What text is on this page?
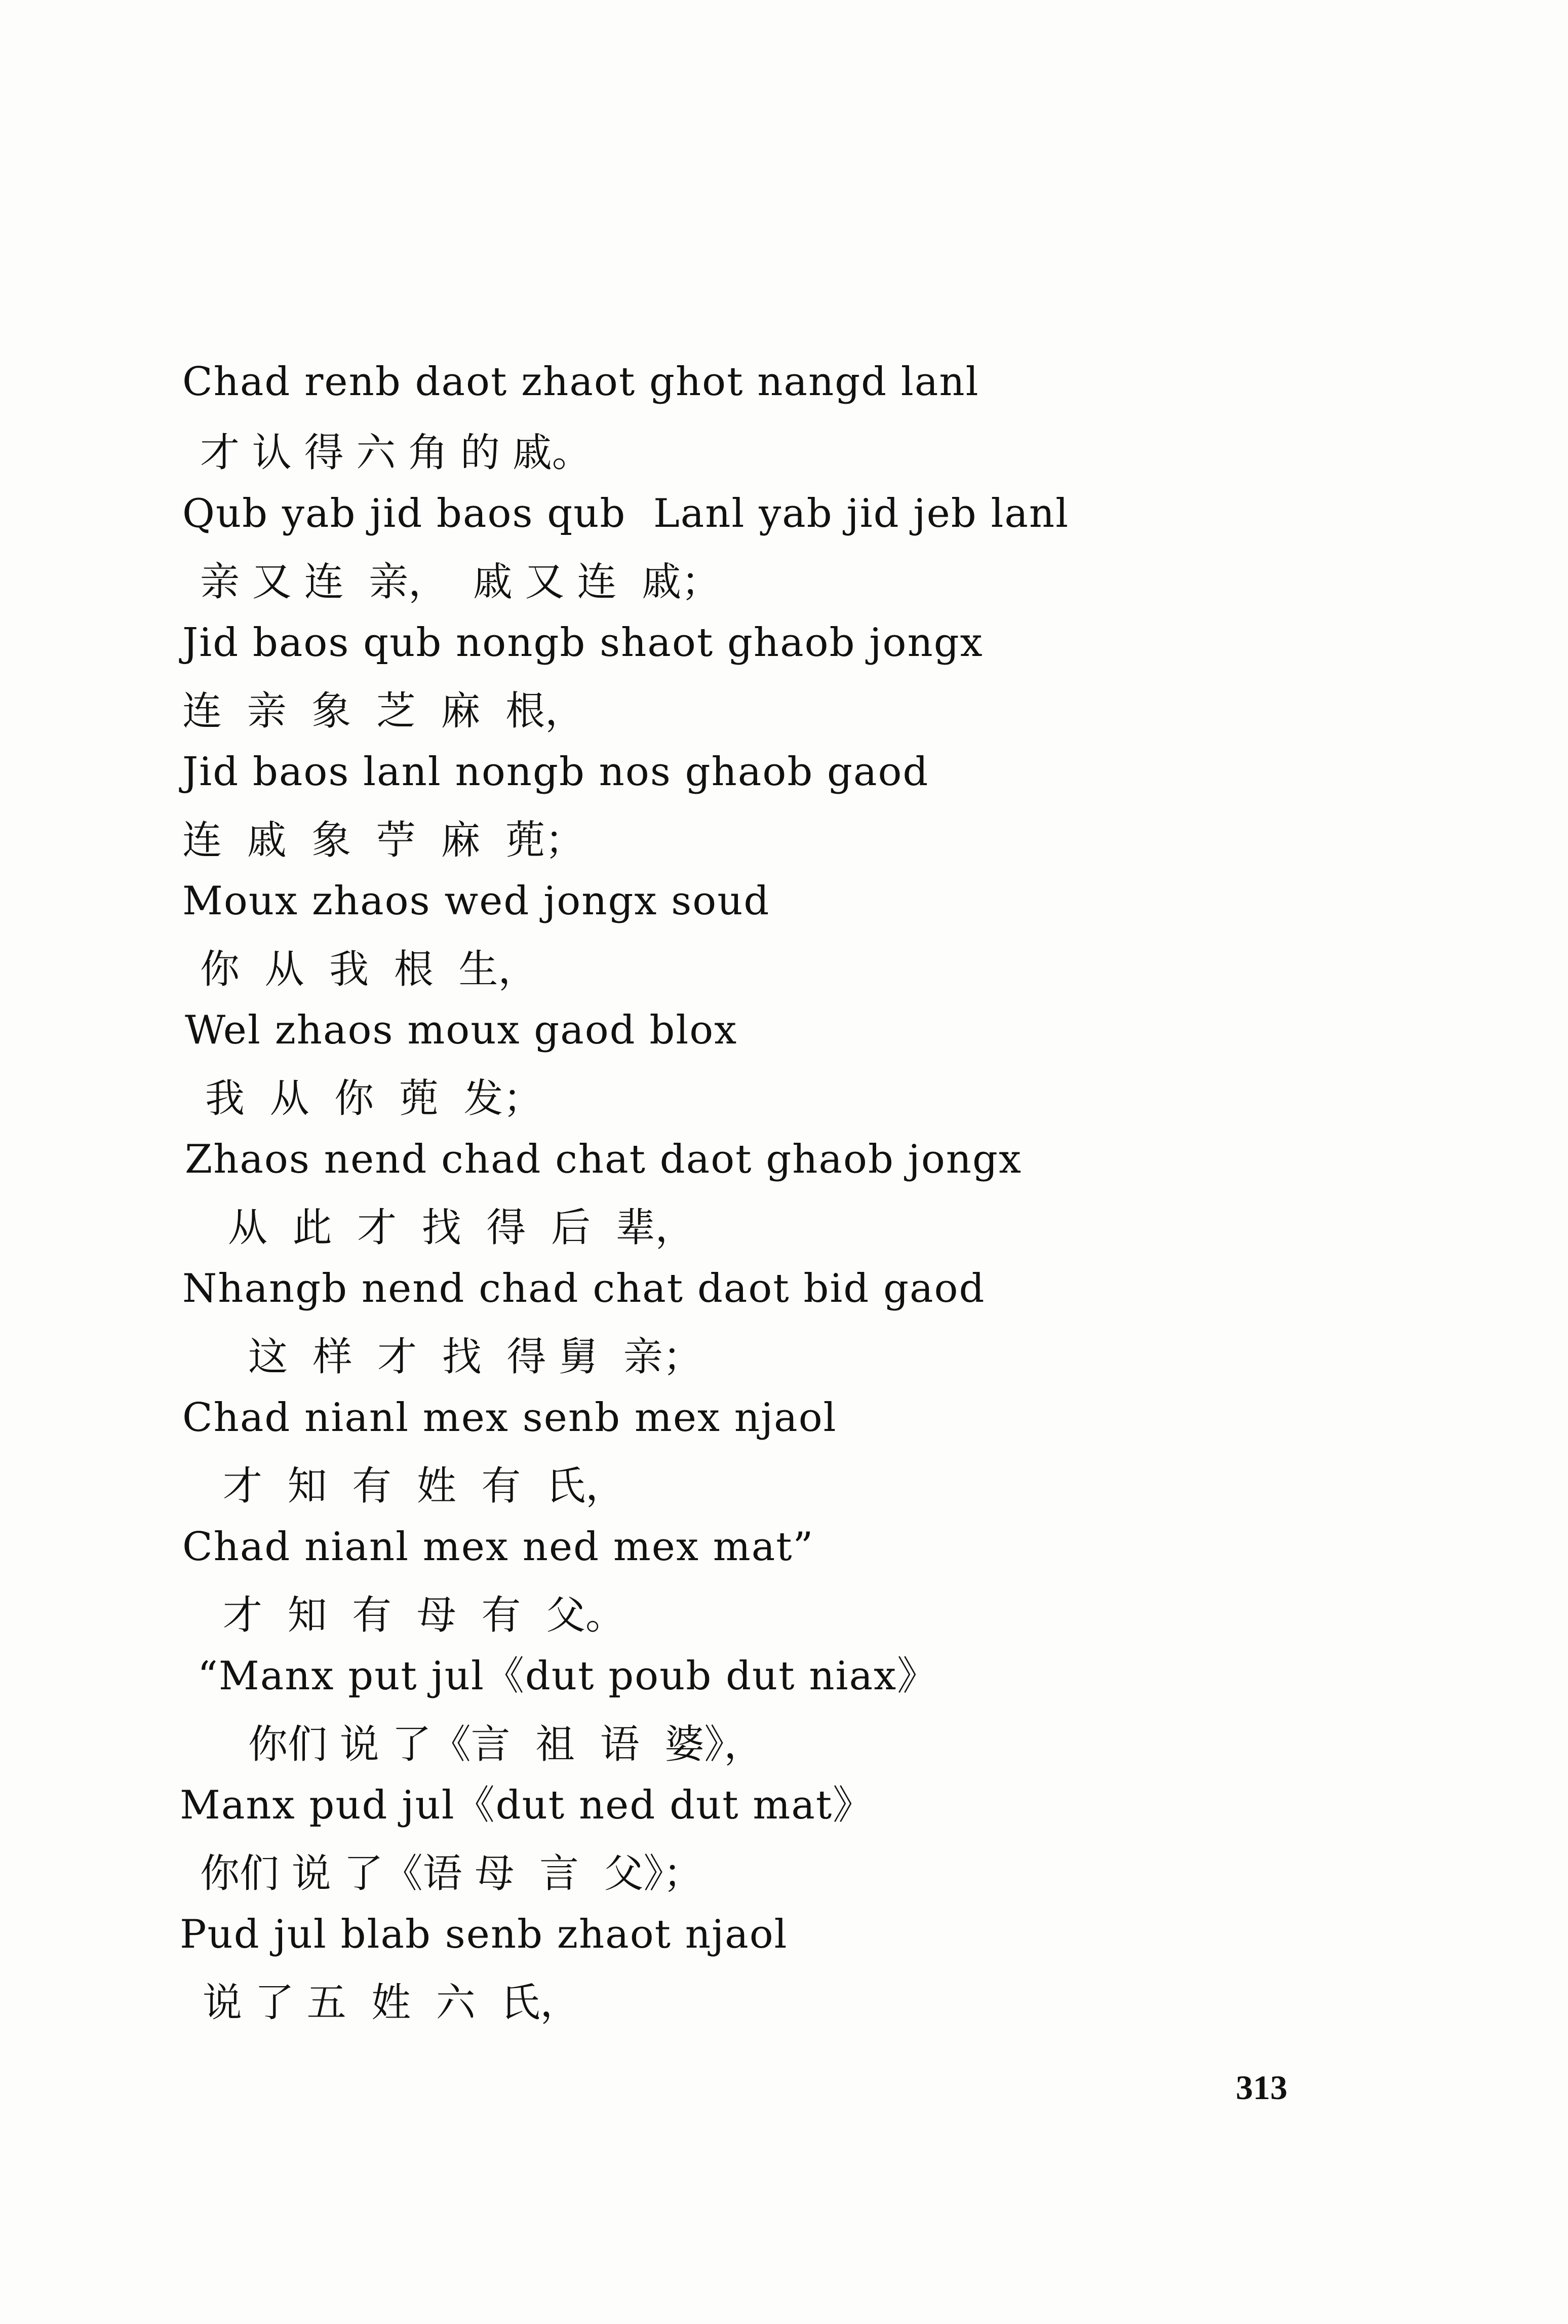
Chad renb daot zhaot ghot nangd lanl
才 认 得 六 角 的 戚。
Qub yab jid baos qub  Lanl yab jid jeb lanl
亲 又 连  亲，  戚 又 连  戚；
Jid baos qub nongb shaot ghaob jongx
连  亲  象  芝  麻  根，
Jid baos lanl nongb nos ghaob gaod
连  戚  象  苧  麻  蔸；
Moux zhaos wed jongx soud
你  从  我  根  生，
Wel zhaos moux gaod blox
我  从  你  蔸  发；
Zhaos nend chad chat daot ghaob jongx
从  此  才  找  得  后  辈，
Nhangb nend chad chat daot bid gaod
这  样  才  找  得 舅  亲；
Chad nianl mex senb mex njaol
才  知  有  姓  有  氏，
Chad nianl mex ned mex mat”
才  知  有  母  有  父。
“Manx put jul《dut poub dut niax》
你们 说 了《言  祖  语  婆》，
Manx pud jul《dut ned dut mat》
你们 说 了《语 母  言  父》；
Pud jul blab senb zhaot njaol
说 了 五  姓  六  氏，
313
